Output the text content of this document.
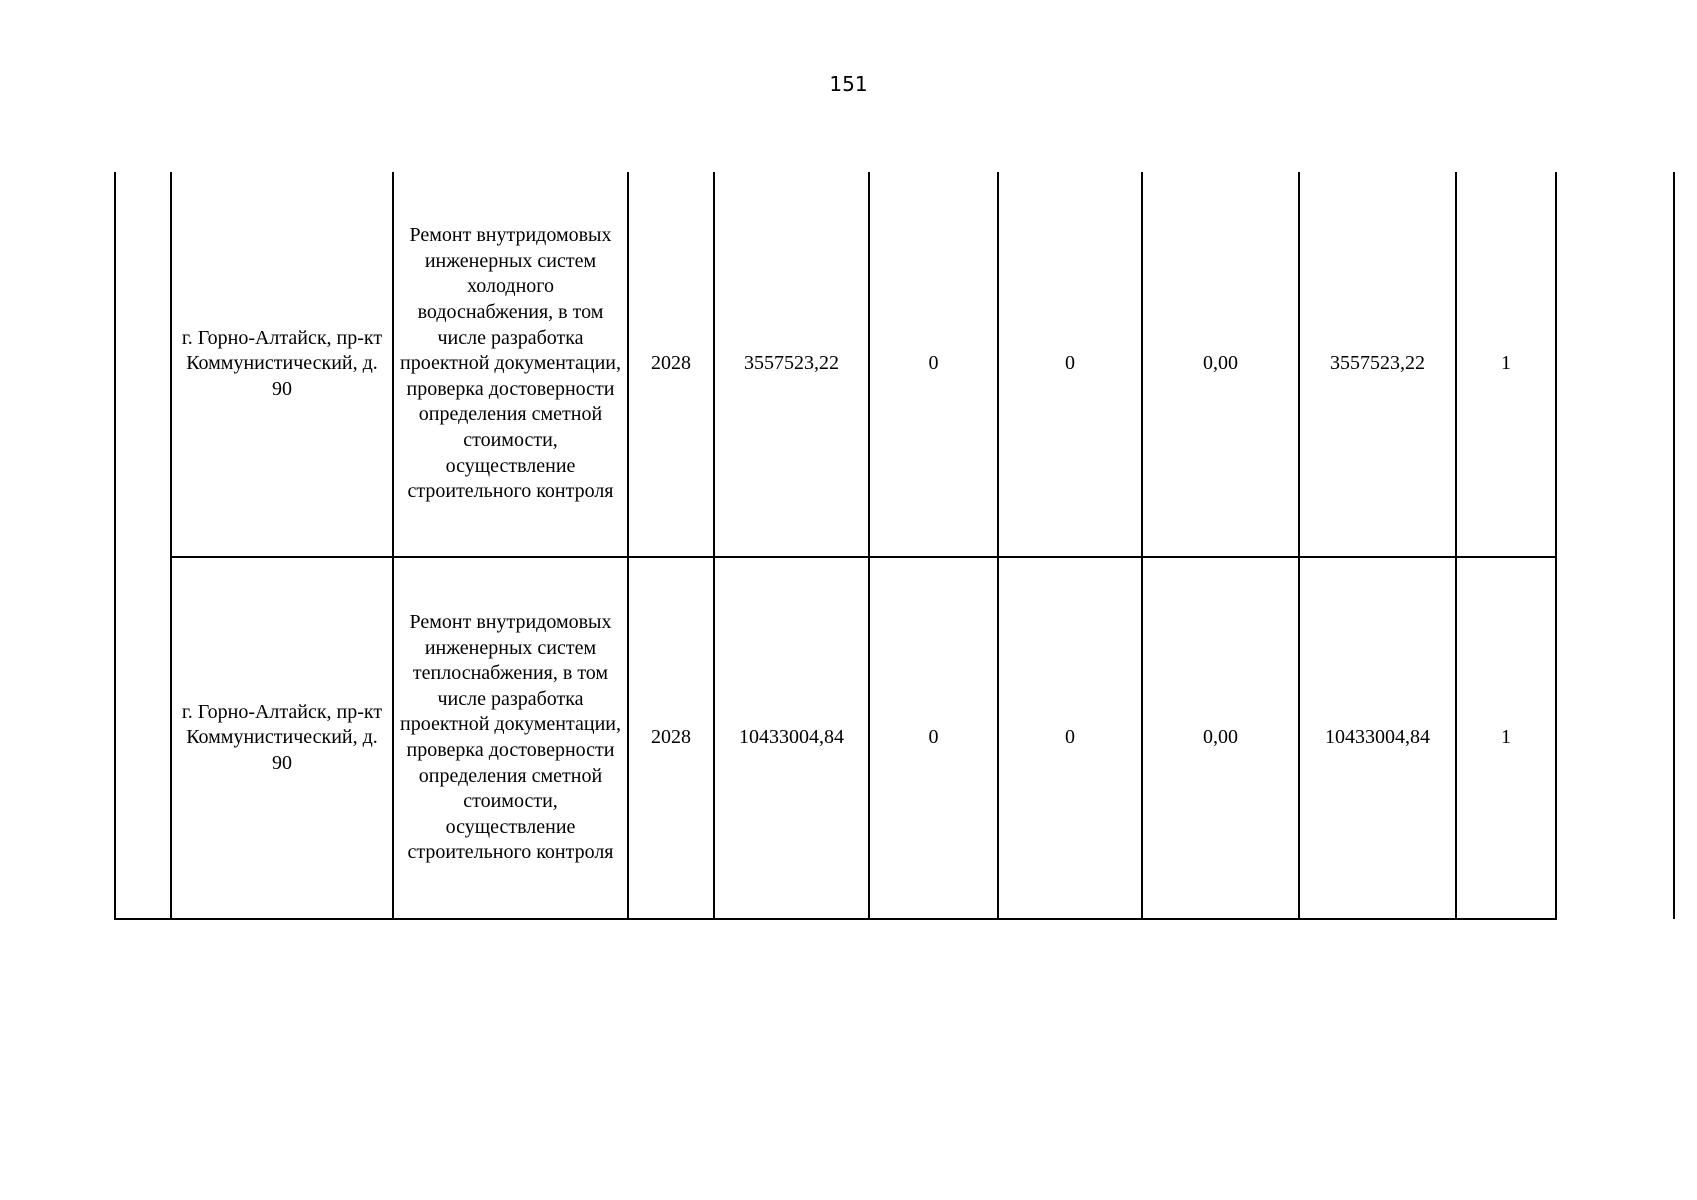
151

	г. Горно-Алтайск, пр-кт Коммунистический, д. 90	Ремонт внутридомовых инженерных систем холодного водоснабжения, в том числе разработка проектной документации, проверка достоверности определения сметной стоимости, осуществление строительного контроля	2028	3557523,22	0	0	0,00	3557523,22	1	

	г. Горно-Алтайск, пр-кт Коммунистический, д. 90	Ремонт внутридомовых инженерных систем теплоснабжения, в том числе разработка проектной документации, проверка достоверности определения сметной стоимости, осуществление строительного контроля	2028	10433004,84	0	0	0,00	10433004,84	1	
